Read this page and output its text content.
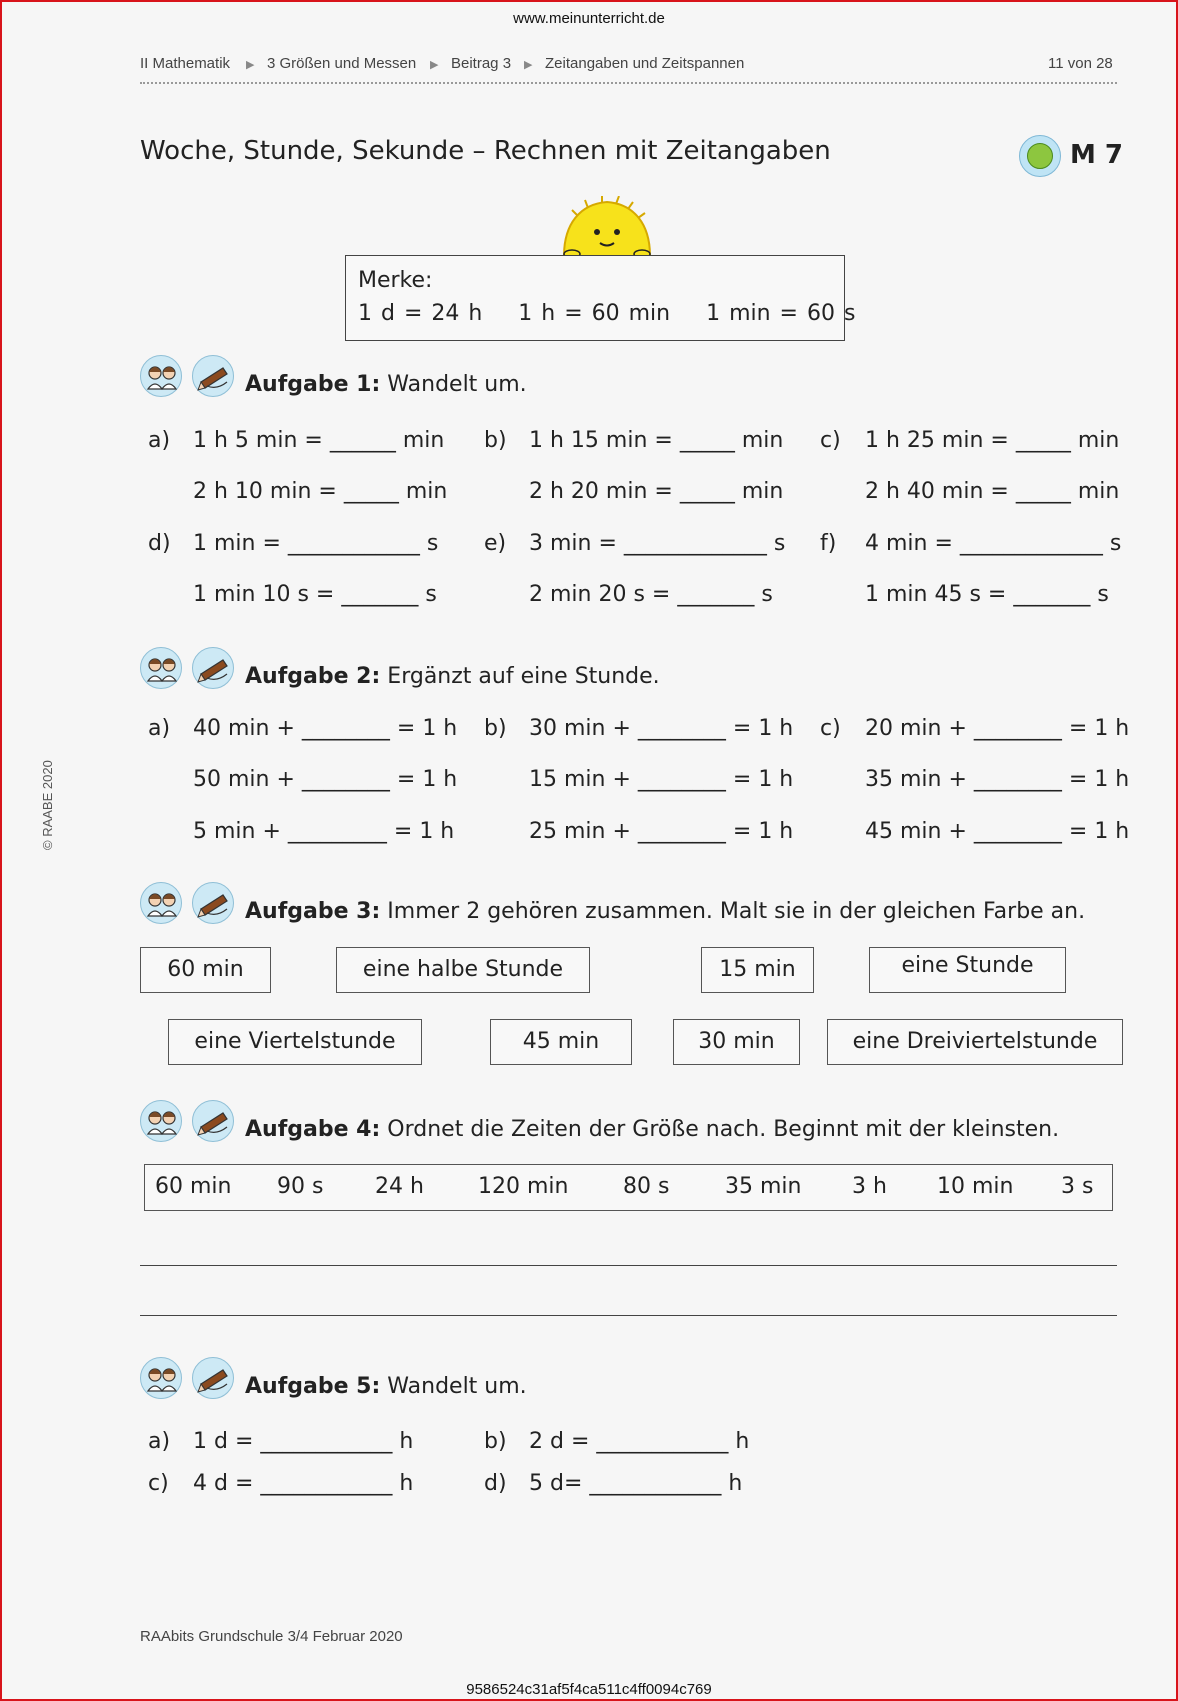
www.meinunterricht.de
II Mathematik ▶ 3 Größen und Messen ▶ Beitrag 3 ▶ Zeitangaben und Zeitspannen	11 von 28
Woche, Stunde, Sekunde – Rechnen mit Zeitangaben	M 7
Merke:
1 d = 24 h    1 h = 60 min    1 min = 60 s
Aufgabe 1: Wandelt um.
a) 1 h 5 min = ______ min b) 1 h 15 min = _____ min c) 1 h 25 min = _____ min
2 h 10 min = _____ min	2 h 20 min = _____ min	2 h 40 min = _____ min
d) 1 min = ____________ s e) 3 min = _____________ s f) 4 min = _____________ s
1 min 10 s = _______ s	2 min 20 s = _______ s	1 min 45 s = _______ s
Aufgabe 2: Ergänzt auf eine Stunde.
a) 40 min + ________ = 1 h b) 30 min + ________ = 1 h c) 20 min + ________ = 1 h
50 min + ________ = 1 h	15 min + ________ = 1 h	35 min + ________ = 1 h
5 min + _________ = 1 h	25 min + ________ = 1 h	45 min + ________ = 1 h
Aufgabe 3: Immer 2 gehören zusammen. Malt sie in der gleichen Farbe an.
60 min	eine halbe Stunde	15 min	eine Stunde
eine Viertelstunde	45 min	30 min	eine Dreiviertelstunde
Aufgabe 4: Ordnet die Zeiten der Größe nach. Beginnt mit der kleinsten.
60 min 90 s 24 h 120 min 80 s	35 min 3 h 10 min 3 s
Aufgabe 5: Wandelt um.
a) 1 d = ____________ h	b) 2 d = ____________ h
c) 4 d = ____________ h	d) 5 d= ____________ h
© RAABE 2020
RAAbits Grundschule 3/4 Februar 2020
9586524c31af5f4ca511c4ff0094c769
